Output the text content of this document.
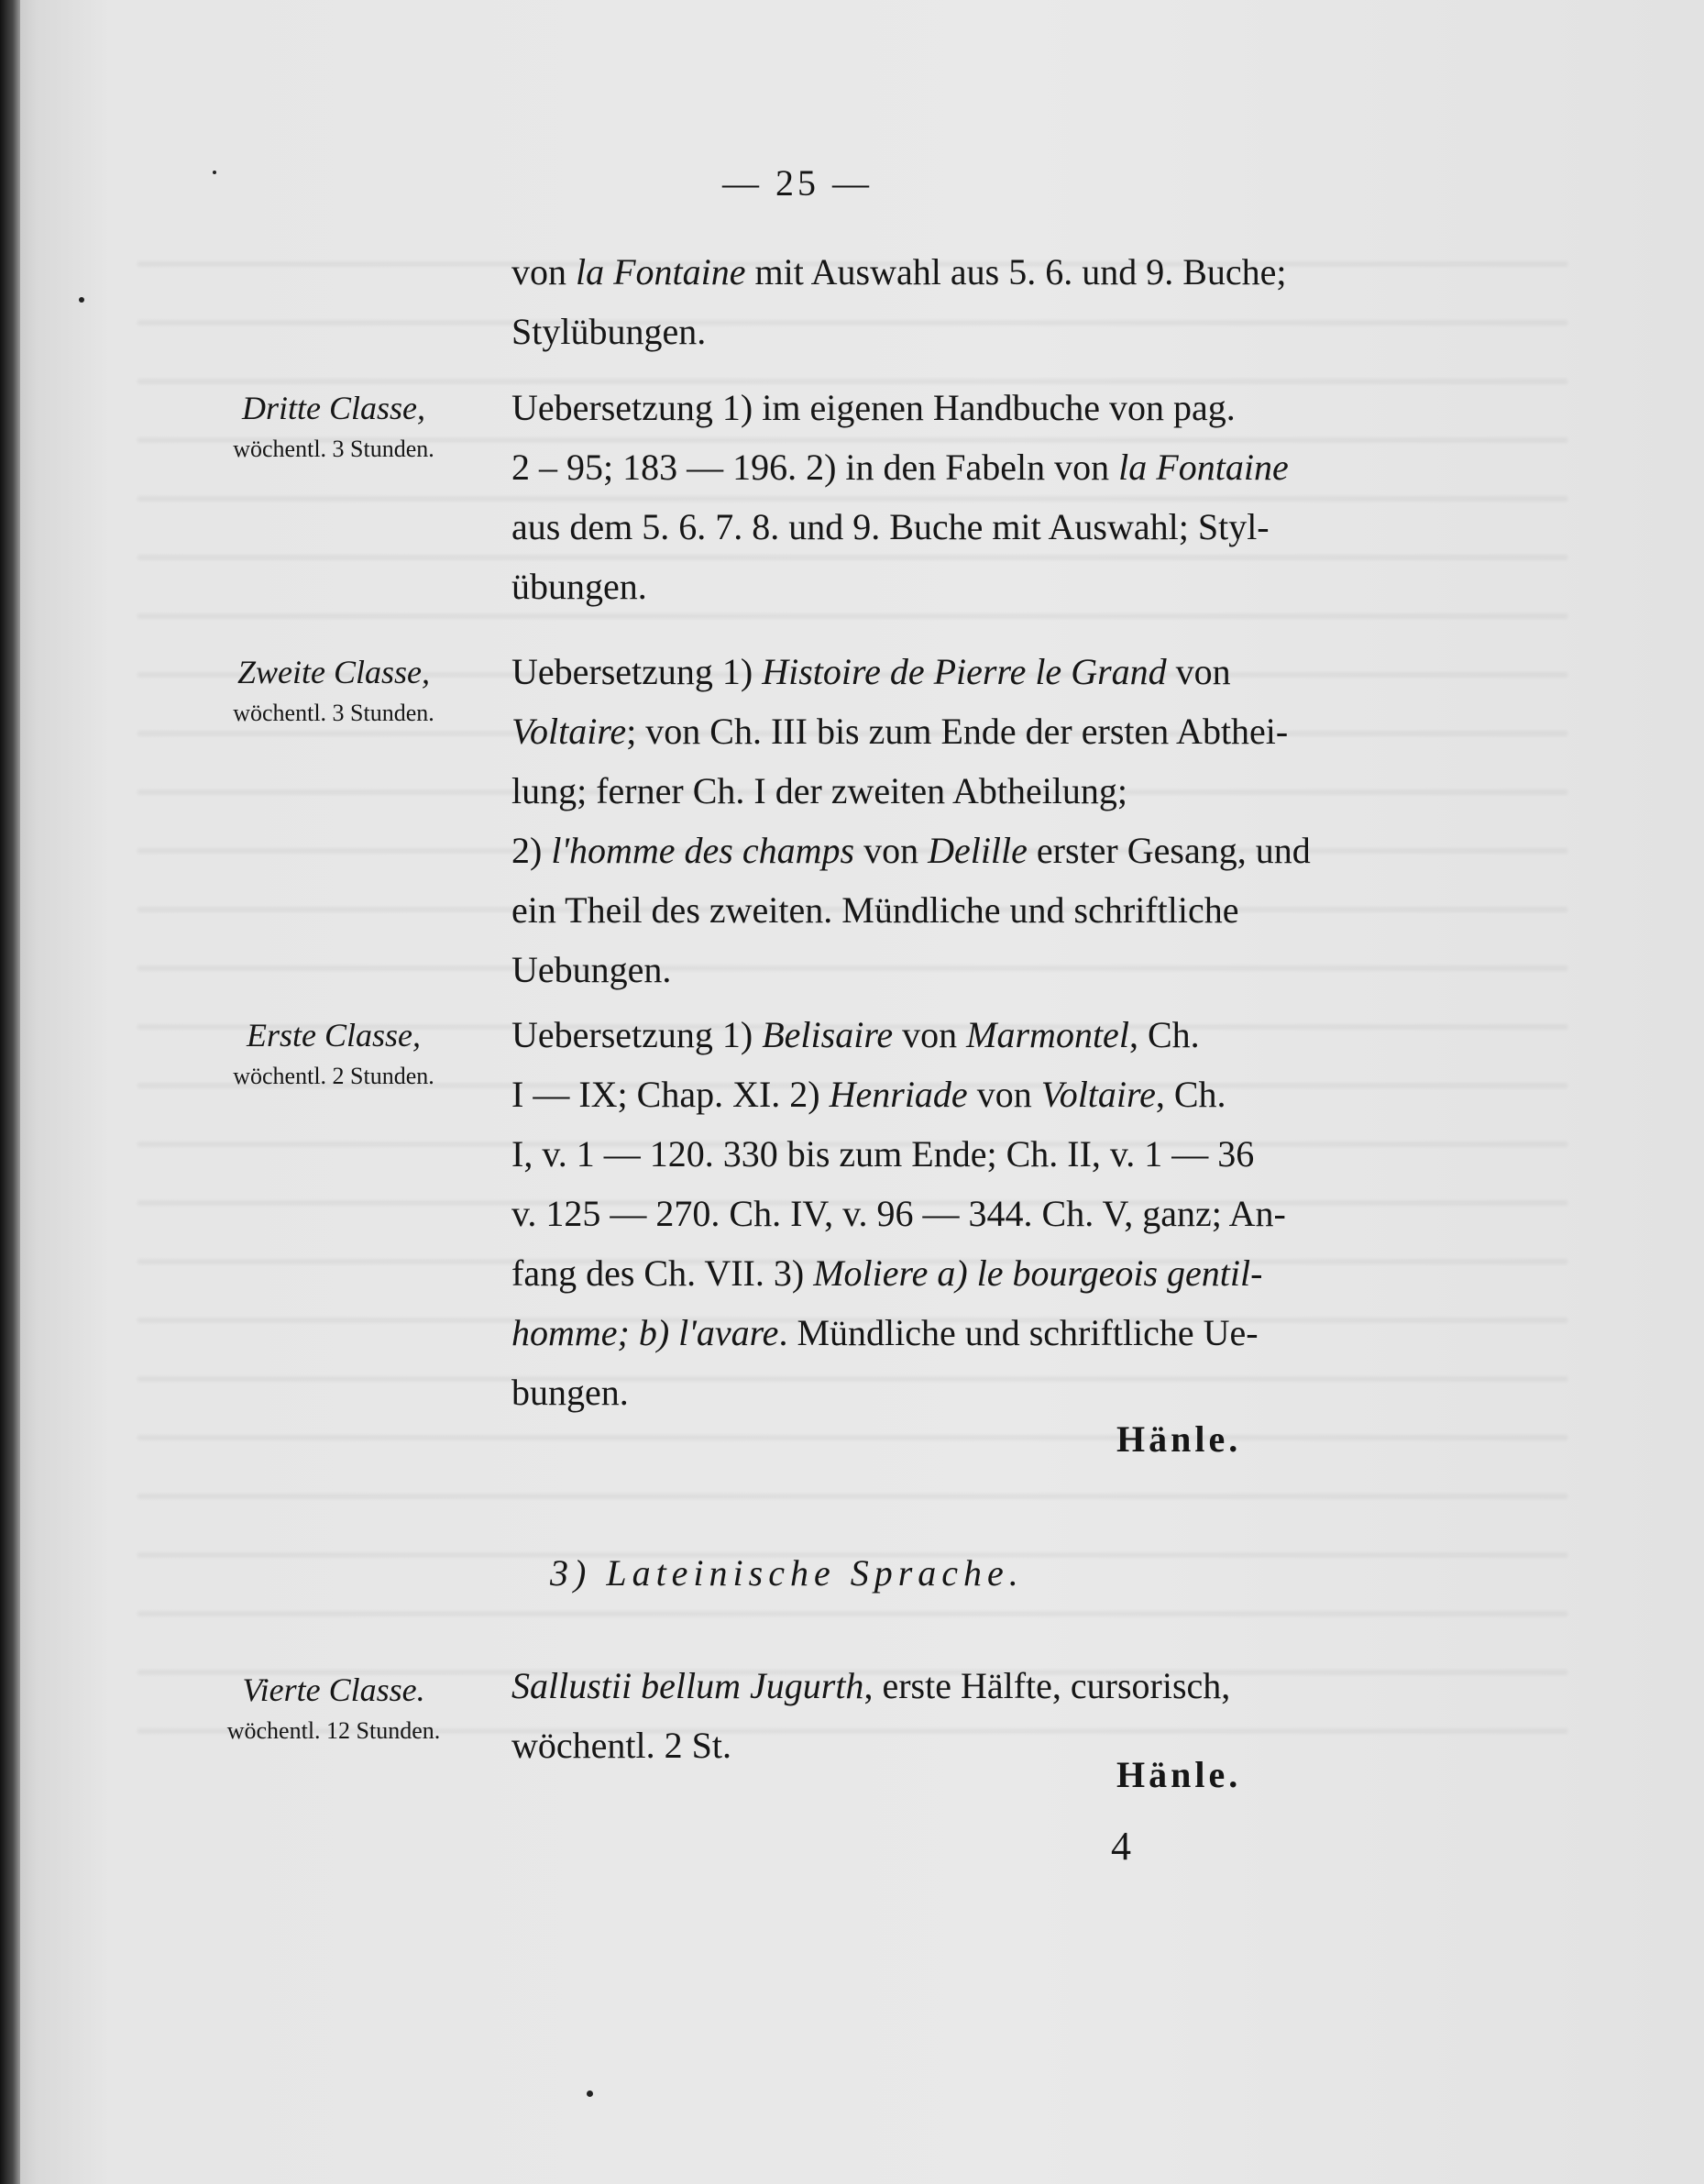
— 25 —
von la Fontaine mit Auswahl aus 5. 6. und 9. Buche;
Stylübungen.
Dritte Classe,
wöchentl. 3 Stunden.
Uebersetzung 1) im eigenen Handbuche von pag.
2 – 95; 183 — 196. 2) in den Fabeln von la Fontaine
aus dem 5. 6. 7. 8. und 9. Buche mit Auswahl; Styl-
übungen.
Zweite Classe,
wöchentl. 3 Stunden.
Uebersetzung 1) Histoire de Pierre le Grand von
Voltaire; von Ch. III bis zum Ende der ersten Abthei-
lung; ferner Ch. I der zweiten Abtheilung;
2) l'homme des champs von Delille erster Gesang, und
ein Theil des zweiten. Mündliche und schriftliche
Uebungen.
Erste Classe,
wöchentl. 2 Stunden.
Uebersetzung 1) Belisaire von Marmontel, Ch.
I — IX; Chap. XI. 2) Henriade von Voltaire, Ch.
I, v. 1 — 120. 330 bis zum Ende; Ch. II, v. 1 — 36
v. 125 — 270. Ch. IV, v. 96 — 344. Ch. V, ganz; An-
fang des Ch. VII. 3) Moliere a) le bourgeois gentil-
homme; b) l'avare. Mündliche und schriftliche Ue-
bungen.
Hänle.
3) Lateinische Sprache.
Vierte Classe.
wöchentl. 12 Stunden.
Sallustii bellum Jugurth, erste Hälfte, cursorisch,
wöchentl. 2 St.
Hänle.
4
